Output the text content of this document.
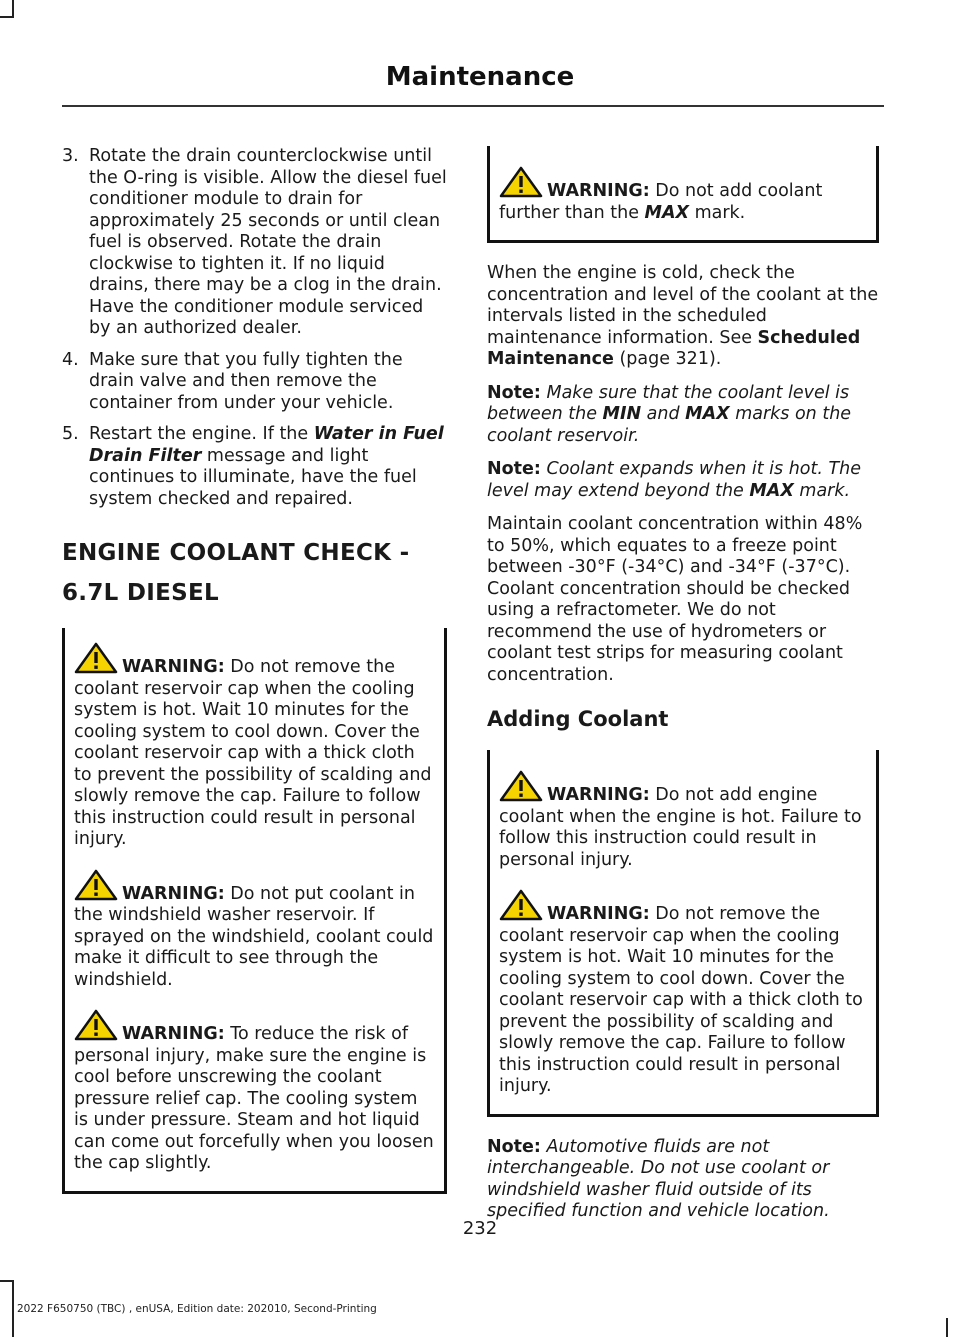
Maintenance
3. Rotate the drain counterclockwise until the O-ring is visible. Allow the diesel fuel conditioner module to drain for approximately 25 seconds or until clean fuel is observed. Rotate the drain clockwise to tighten it. If no liquid drains, there may be a clog in the drain. Have the conditioner module serviced by an authorized dealer.
4. Make sure that you fully tighten the drain valve and then remove the container from under your vehicle.
5. Restart the engine. If the Water in Fuel Drain Filter message and light continues to illuminate, have the fuel system checked and repaired.
ENGINE COOLANT CHECK -
6.7L DIESEL
WARNING: Do not remove the coolant reservoir cap when the cooling system is hot. Wait 10 minutes for the cooling system to cool down. Cover the coolant reservoir cap with a thick cloth to prevent the possibility of scalding and slowly remove the cap. Failure to follow this instruction could result in personal injury.
WARNING: Do not put coolant in the windshield washer reservoir. If sprayed on the windshield, coolant could make it difficult to see through the windshield.
WARNING: To reduce the risk of personal injury, make sure the engine is cool before unscrewing the coolant pressure relief cap. The cooling system is under pressure. Steam and hot liquid can come out forcefully when you loosen the cap slightly.
WARNING: Do not add coolant further than the MAX mark.

When the engine is cold, check the concentration and level of the coolant at the intervals listed in the scheduled maintenance information. See Scheduled Maintenance (page 321).

Note: Make sure that the coolant level is between the MIN and MAX marks on the coolant reservoir.

Note: Coolant expands when it is hot. The level may extend beyond the MAX mark.

Maintain coolant concentration within 48% to 50%, which equates to a freeze point between -30°F (-34°C) and -34°F (-37°C). Coolant concentration should be checked using a refractometer. We do not recommend the use of hydrometers or coolant test strips for measuring coolant concentration.

Adding Coolant
WARNING: Do not add engine coolant when the engine is hot. Failure to follow this instruction could result in personal injury.
WARNING: Do not remove the coolant reservoir cap when the cooling system is hot. Wait 10 minutes for the cooling system to cool down. Cover the coolant reservoir cap with a thick cloth to prevent the possibility of scalding and slowly remove the cap. Failure to follow this instruction could result in personal injury.

Note: Automotive fluids are not interchangeable. Do not use coolant or windshield washer fluid outside of its specified function and vehicle location.

232
2022 F650750 (TBC) , enUSA, Edition date: 202010, Second-Printing
